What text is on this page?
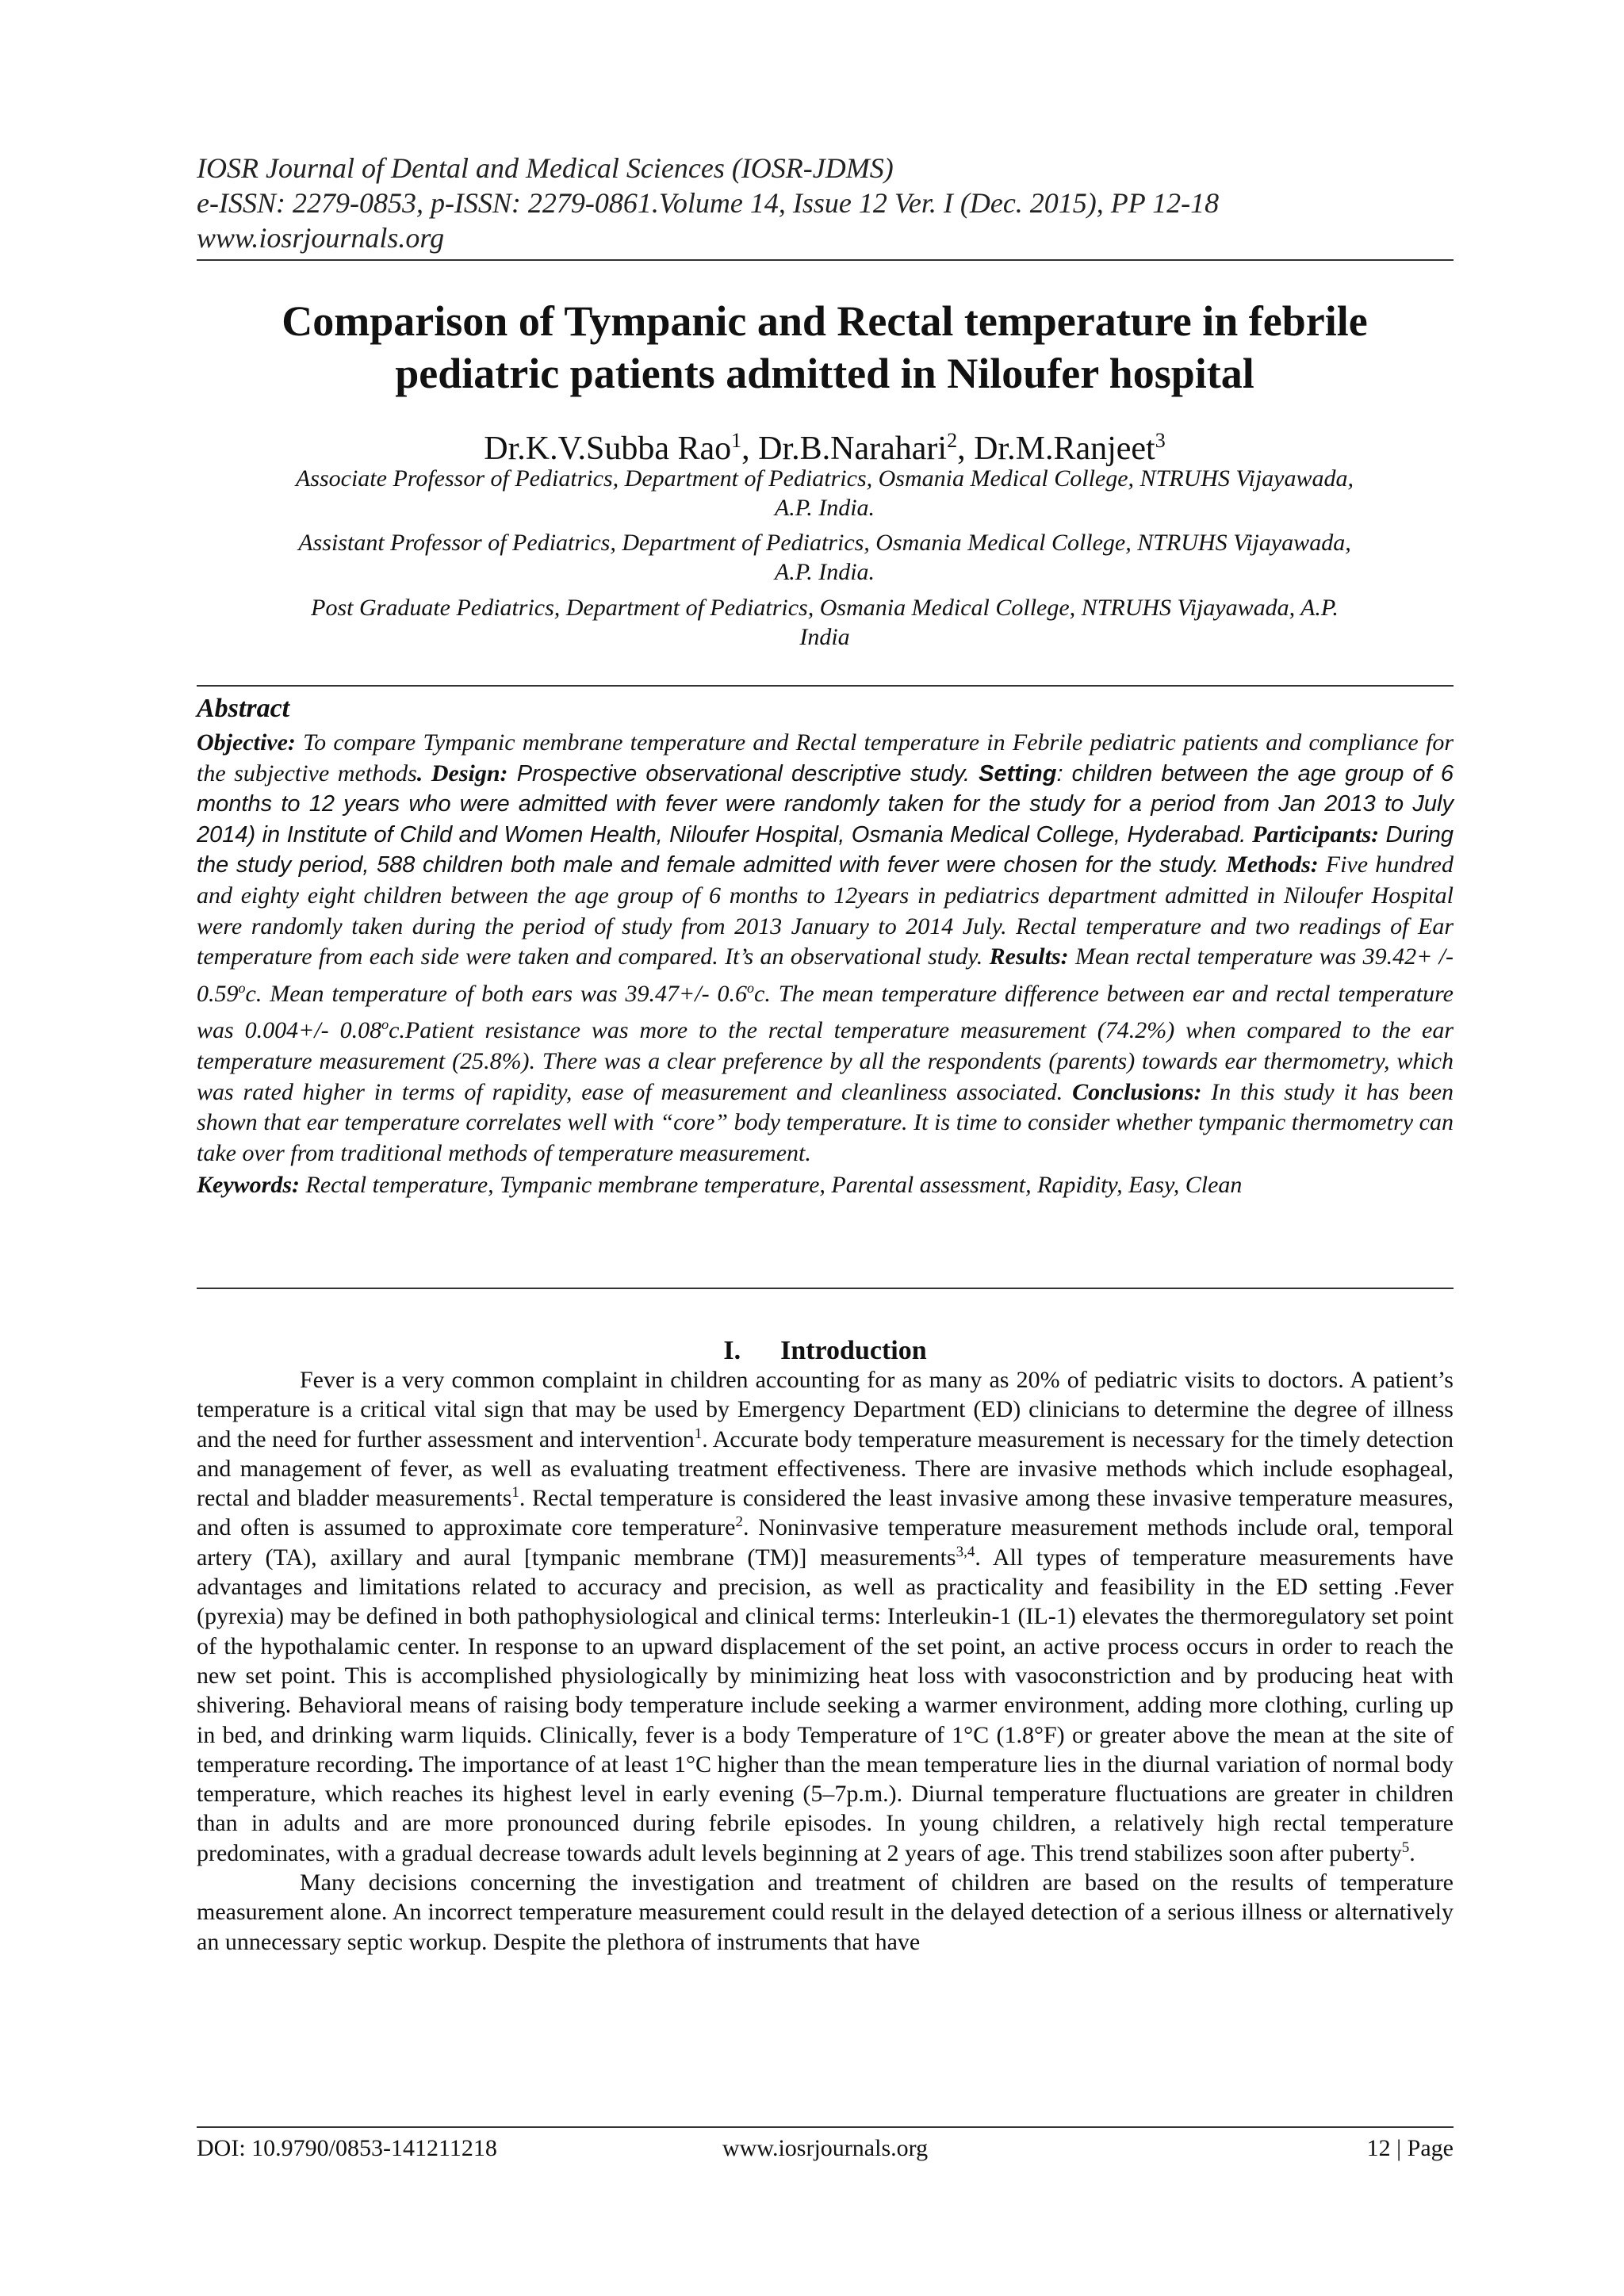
IOSR Journal of Dental and Medical Sciences (IOSR-JDMS)
e-ISSN: 2279-0853, p-ISSN: 2279-0861.Volume 14, Issue 12 Ver. I (Dec. 2015), PP 12-18
www.iosrjournals.org
Comparison of Tympanic and Rectal temperature in febrile
pediatric patients admitted in Niloufer hospital
Dr.K.V.Subba Rao$^1$, Dr.B.Narahari$^2$, Dr.M.Ranjeet$^3$
Associate Professor of Pediatrics, Department of Pediatrics, Osmania Medical College, NTRUHS Vijayawada,
A.P. India.
Assistant Professor of Pediatrics, Department of Pediatrics, Osmania Medical College, NTRUHS Vijayawada,
A.P. India.
Post Graduate Pediatrics, Department of Pediatrics, Osmania Medical College, NTRUHS Vijayawada, A.P.
India
Abstract
Objective: To compare Tympanic membrane temperature and Rectal temperature in Febrile pediatric patients and compliance for the subjective methods. Design: Prospective observational descriptive study. Setting: children between the age group of 6 months to 12 years who were admitted with fever were randomly taken for the study for a period from Jan 2013 to July 2014) in Institute of Child and Women Health, Niloufer Hospital, Osmania Medical College, Hyderabad. Participants: During the study period, 588 children both male and female admitted with fever were chosen for the study. Methods: Five hundred and eighty eight children between the age group of 6 months to 12years in pediatrics department admitted in Niloufer Hospital were randomly taken during the period of study from 2013 January to 2014 July. Rectal temperature and two readings of Ear temperature from each side were taken and compared. It’s an observational study. Results: Mean rectal temperature was 39.42+ /- 0.59$^o$c. Mean temperature of both ears was 39.47+/- 0.6$^o$c. The mean temperature difference between ear and rectal temperature was 0.004+/- 0.08$^o$c.Patient resistance was more to the rectal temperature measurement (74.2%) when compared to the ear temperature measurement (25.8%). There was a clear preference by all the respondents (parents) towards ear thermometry, which was rated higher in terms of rapidity, ease of measurement and cleanliness associated. Conclusions: In this study it has been shown that ear temperature correlates well with “core” body temperature. It is time to consider whether tympanic thermometry can take over from traditional methods of temperature measurement.
Keywords: Rectal temperature, Tympanic membrane temperature, Parental assessment, Rapidity, Easy, Clean
I. Introduction

Fever is a very common complaint in children accounting for as many as 20% of pediatric visits to doctors. A patient’s temperature is a critical vital sign that may be used by Emergency Department (ED) clinicians to determine the degree of illness and the need for further assessment and intervention$^1$. Accurate body temperature measurement is necessary for the timely detection and management of fever, as well as evaluating treatment effectiveness. There are invasive methods which include esophageal, rectal and bladder measurements$^1$. Rectal temperature is considered the least invasive among these invasive temperature measures, and often is assumed to approximate core temperature$^2$. Noninvasive temperature measurement methods include oral, temporal artery (TA), axillary and aural [tympanic membrane (TM)] measurements$^{3,4}$. All types of temperature measurements have advantages and limitations related to accuracy and precision, as well as practicality and feasibility in the ED setting .Fever (pyrexia) may be defined in both pathophysiological and clinical terms: Interleukin-1 (IL-1) elevates the thermoregulatory set point of the hypothalamic center. In response to an upward displacement of the set point, an active process occurs in order to reach the new set point. This is accomplished physiologically by minimizing heat loss with vasoconstriction and by producing heat with shivering. Behavioral means of raising body temperature include seeking a warmer environment, adding more clothing, curling up in bed, and drinking warm liquids. Clinically, fever is a body Temperature of 1°C (1.8°F) or greater above the mean at the site of temperature recording. The importance of at least 1°C higher than the mean temperature lies in the diurnal variation of normal body temperature, which reaches its highest level in early evening (5–7p.m.). Diurnal temperature fluctuations are greater in children than in adults and are more pronounced during febrile episodes. In young children, a relatively high rectal temperature predominates, with a gradual decrease towards adult levels beginning at 2 years of age. This trend stabilizes soon after puberty$^5$.

Many decisions concerning the investigation and treatment of children are based on the results of temperature measurement alone. An incorrect temperature measurement could result in the delayed detection of a serious illness or alternatively an unnecessary septic workup. Despite the plethora of instruments that have

DOI: 10.9790/0853-141211218	www.iosrjournals.org	12 | Page
